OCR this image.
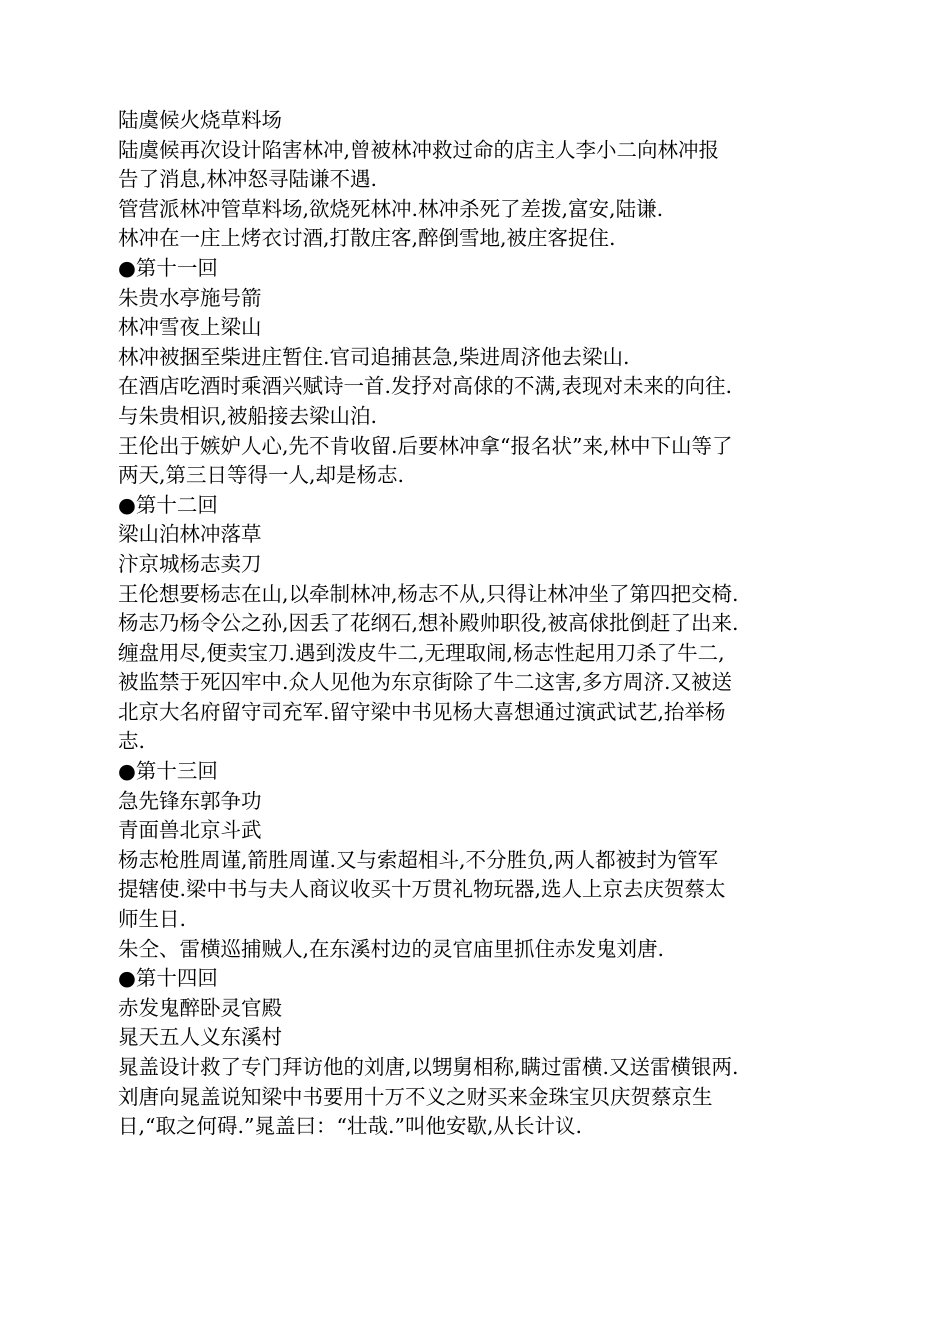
陆虞候火烧草料场
陆虞候再次设计陷害林冲,曾被林冲救过命的店主人李小二向林冲报
告了消息,林冲怒寻陆谦不遇.
管营派林冲管草料场,欲烧死林冲.林冲杀死了差拨,富安,陆谦.
林冲在一庄上烤衣讨酒,打散庄客,醉倒雪地,被庄客捉住.
●第十一回
朱贵水亭施号箭
林冲雪夜上梁山
林冲被捆至柴进庄暂住.官司追捕甚急,柴进周济他去梁山.
在酒店吃酒时乘酒兴赋诗一首.发抒对高俅的不满,表现对未来的向往.
与朱贵相识,被船接去梁山泊.
王伦出于嫉妒人心,先不肯收留.后要林冲拿“报名状”来,林中下山等了
两天,第三日等得一人,却是杨志.
●第十二回
梁山泊林冲落草
汴京城杨志卖刀
王伦想要杨志在山,以牵制林冲,杨志不从,只得让林冲坐了第四把交椅.
杨志乃杨令公之孙,因丢了花纲石,想补殿帅职役,被高俅批倒赶了出来.
缠盘用尽,便卖宝刀.遇到泼皮牛二,无理取闹,杨志性起用刀杀了牛二,
被监禁于死囚牢中.众人见他为东京街除了牛二这害,多方周济.又被送
北京大名府留守司充军.留守梁中书见杨大喜想通过演武试艺,抬举杨
志.
●第十三回
急先锋东郭争功
青面兽北京斗武
杨志枪胜周谨,箭胜周谨.又与索超相斗,不分胜负,两人都被封为管军
提辖使.梁中书与夫人商议收买十万贯礼物玩器,选人上京去庆贺蔡太
师生日.
朱仝、雷横巡捕贼人,在东溪村边的灵官庙里抓住赤发鬼刘唐.
●第十四回
赤发鬼醉卧灵官殿
晁天五人义东溪村
晁盖设计救了专门拜访他的刘唐,以甥舅相称,瞒过雷横.又送雷横银两.
刘唐向晁盖说知梁中书要用十万不义之财买来金珠宝贝庆贺蔡京生
日,“取之何碍.”晁盖曰：“壮哉.”叫他安歇,从长计议.
